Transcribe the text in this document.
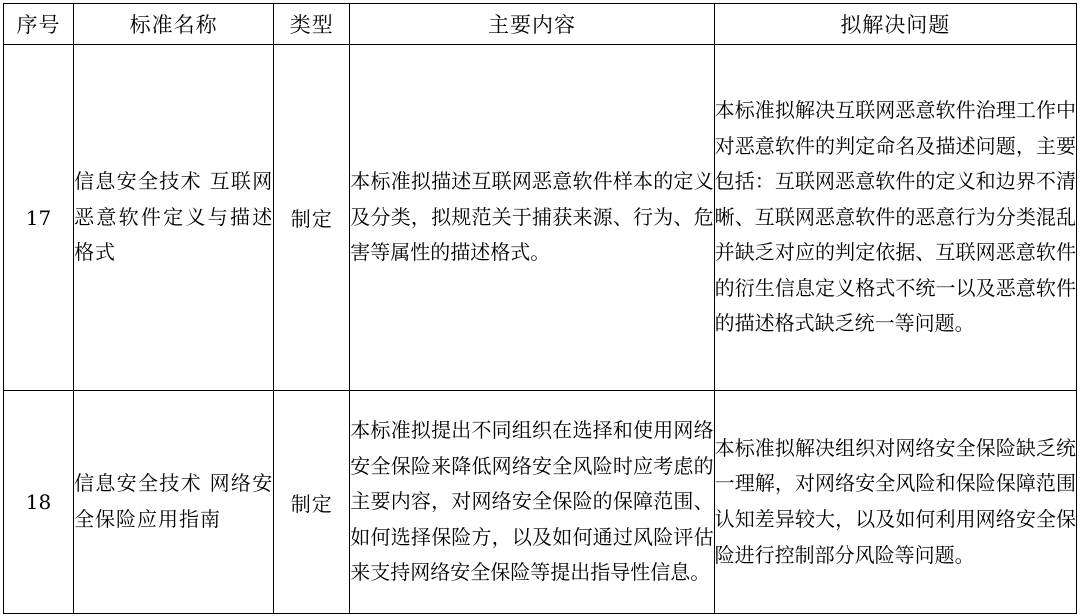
序号	标准名称	类型	主要内容	拟解决问题
17	信息安全技术 互联网恶意软件定义与描述格式	制定	本标准拟描述互联网恶意软件样本的定义及分类，拟规范关于捕获来源、行为、危害等属性的描述格式。	本标准拟解决互联网恶意软件治理工作中对恶意软件的判定命名及描述问题，主要包括：互联网恶意软件的定义和边界不清晰、互联网恶意软件的恶意行为分类混乱并缺乏对应的判定依据、互联网恶意软件的衍生信息定义格式不统一以及恶意软件的描述格式缺乏统一等问题。

18	信息安全技术 网络安全保险应用指南	制定	本标准拟提出不同组织在选择和使用网络安全保险来降低网络安全风险时应考虑的主要内容，对网络安全保险的保障范围、如何选择保险方，以及如何通过风险评估来支持网络安全保险等提出指导性信息。	本标准拟解决组织对网络安全保险缺乏统一理解，对网络安全风险和保险保障范围认知差异较大，以及如何利用网络安全保险进行控制部分风险等问题。
